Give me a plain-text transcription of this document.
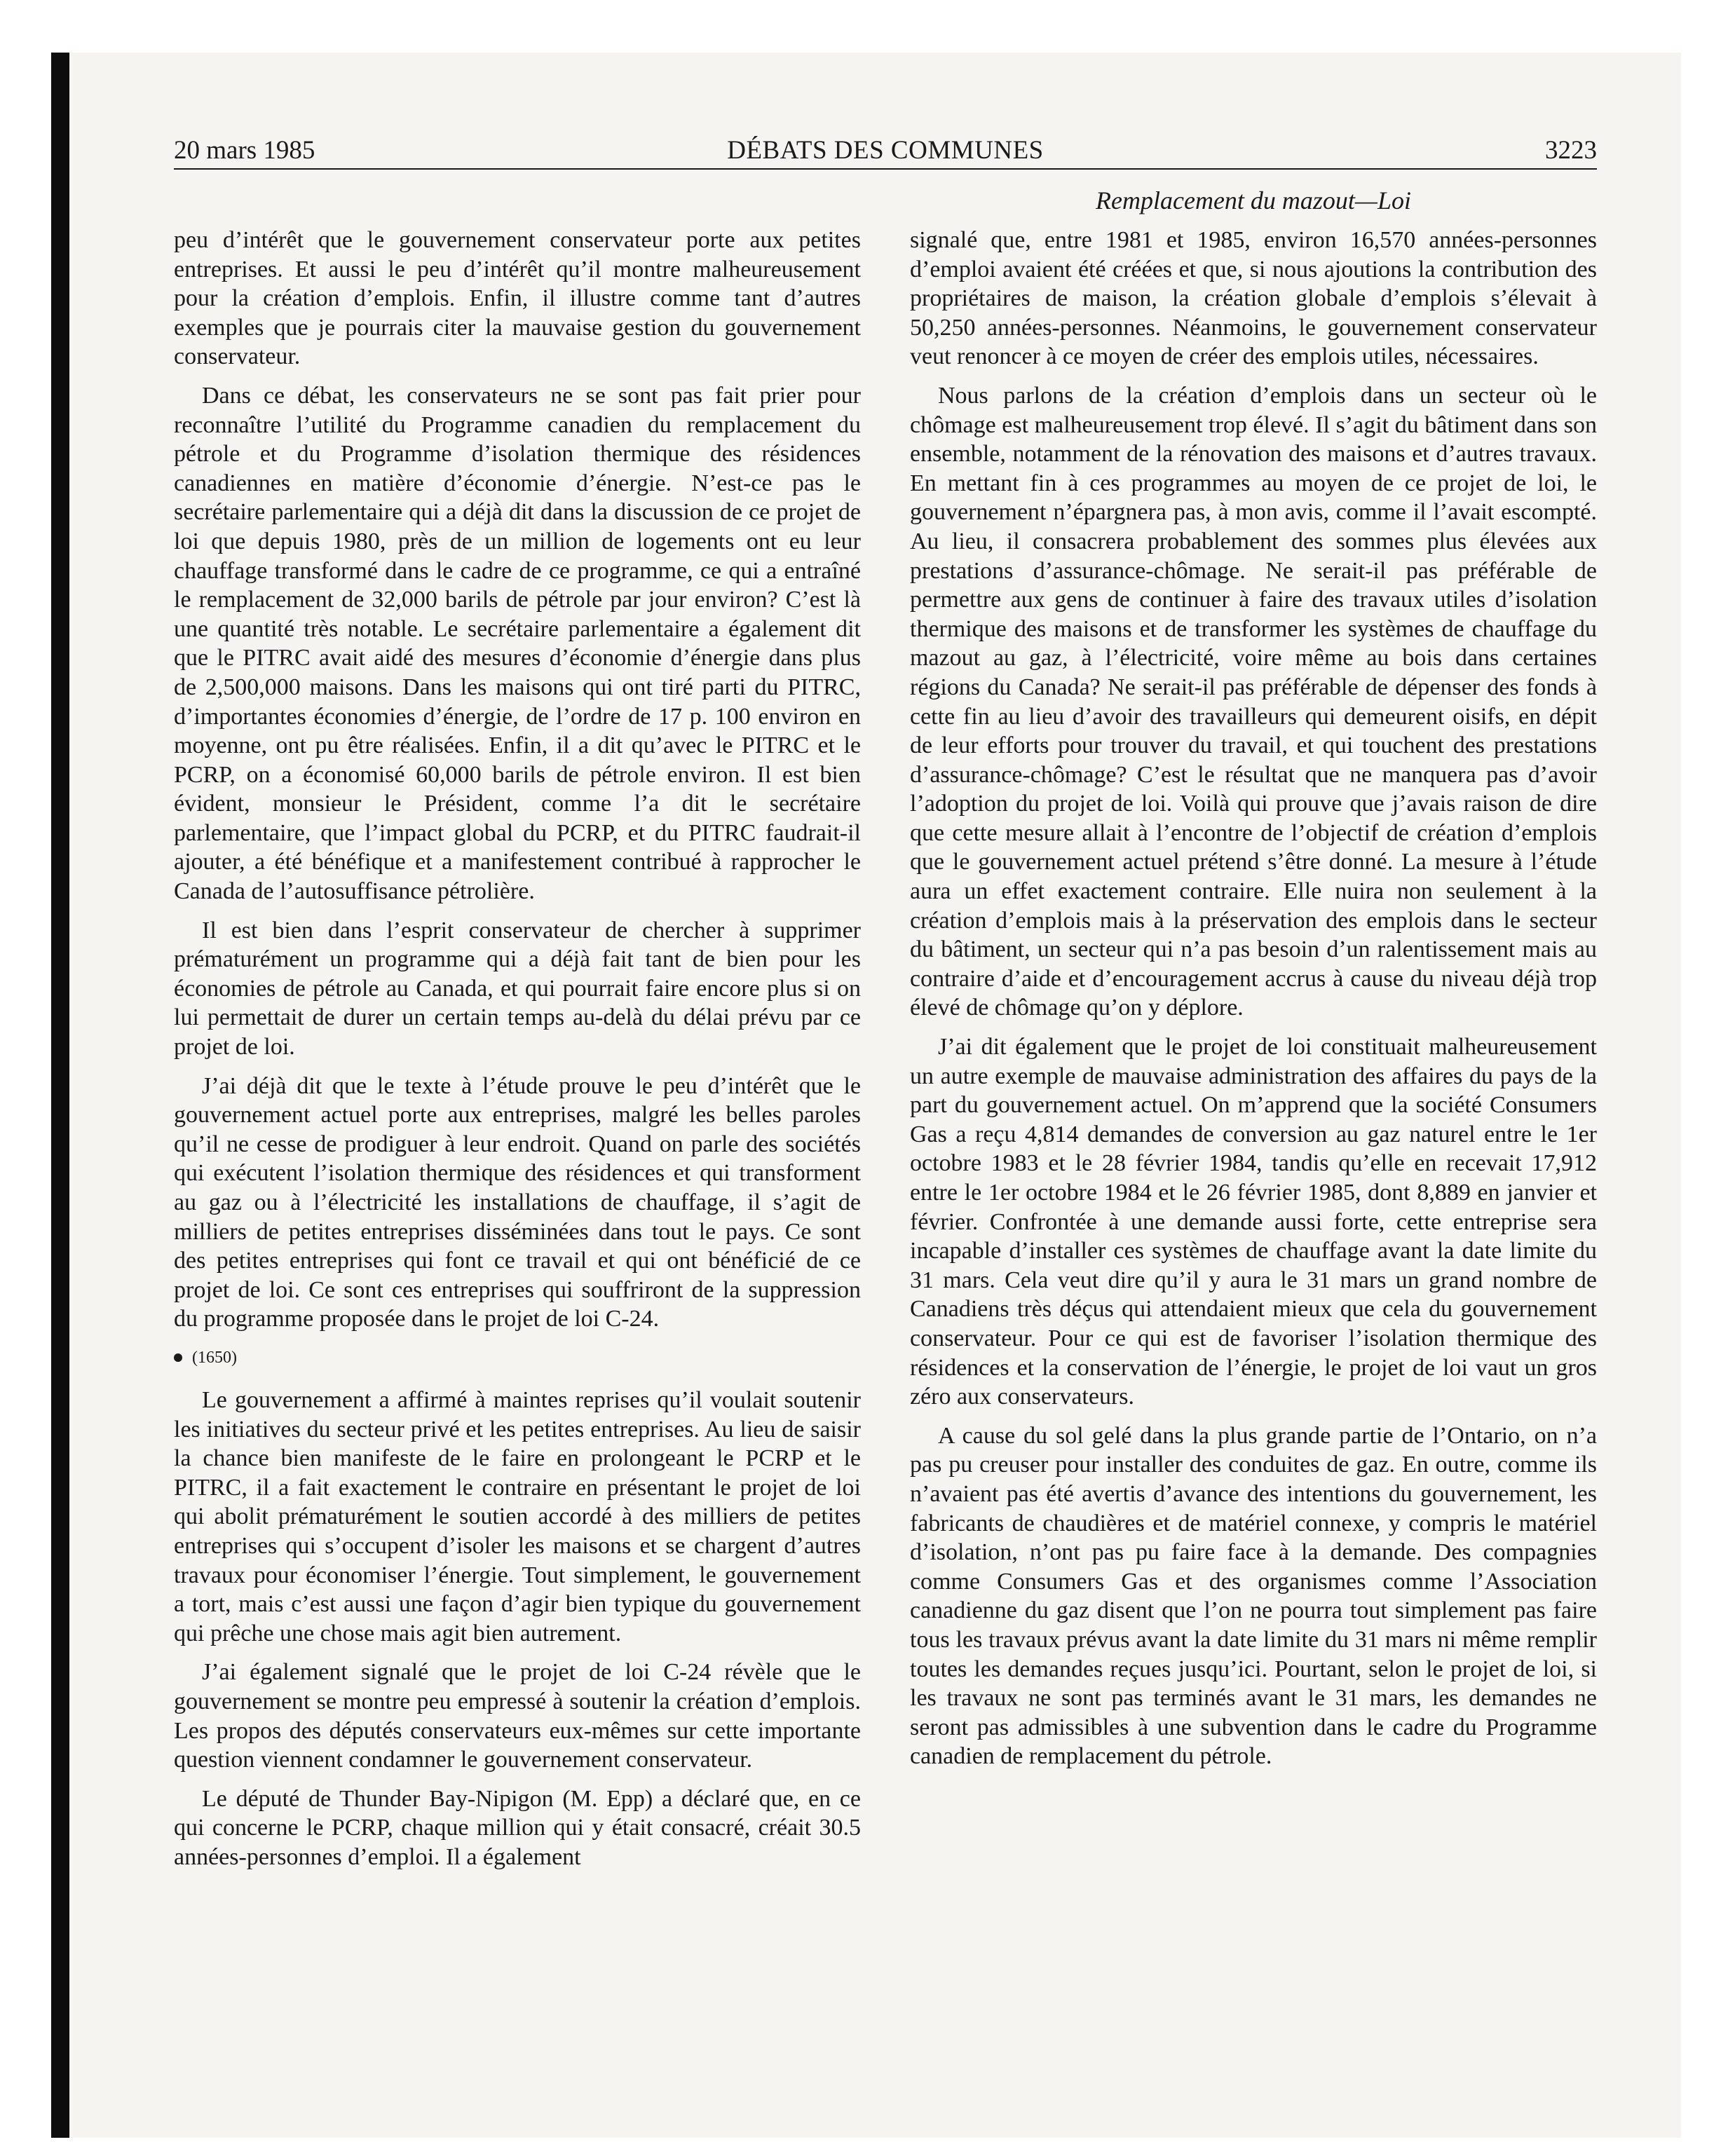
20 mars 1985	DÉBATS DES COMMUNES	3223
Remplacement du mazout—Loi

peu d’intérêt que le gouvernement conservateur porte aux petites entreprises. Et aussi le peu d’intérêt qu’il montre malheureusement pour la création d’emplois. Enfin, il illustre comme tant d’autres exemples que je pourrais citer la mauvaise gestion du gouvernement conservateur.

Dans ce débat, les conservateurs ne se sont pas fait prier pour reconnaître l’utilité du Programme canadien du remplacement du pétrole et du Programme d’isolation thermique des résidences canadiennes en matière d’économie d’énergie. N’est-ce pas le secrétaire parlementaire qui a déjà dit dans la discussion de ce projet de loi que depuis 1980, près de un million de logements ont eu leur chauffage transformé dans le cadre de ce programme, ce qui a entraîné le remplacement de 32,000 barils de pétrole par jour environ? C’est là une quantité très notable. Le secrétaire parlementaire a également dit que le PITRC avait aidé des mesures d’économie d’énergie dans plus de 2,500,000 maisons. Dans les maisons qui ont tiré parti du PITRC, d’importantes économies d’énergie, de l’ordre de 17 p. 100 environ en moyenne, ont pu être réalisées. Enfin, il a dit qu’avec le PITRC et le PCRP, on a économisé 60,000 barils de pétrole environ. Il est bien évident, monsieur le Président, comme l’a dit le secrétaire parlementaire, que l’impact global du PCRP, et du PITRC faudrait-il ajouter, a été bénéfique et a manifestement contribué à rapprocher le Canada de l’autosuffisance pétrolière.

Il est bien dans l’esprit conservateur de chercher à supprimer prématurément un programme qui a déjà fait tant de bien pour les économies de pétrole au Canada, et qui pourrait faire encore plus si on lui permettait de durer un certain temps au-delà du délai prévu par ce projet de loi.

J’ai déjà dit que le texte à l’étude prouve le peu d’intérêt que le gouvernement actuel porte aux entreprises, malgré les belles paroles qu’il ne cesse de prodiguer à leur endroit. Quand on parle des sociétés qui exécutent l’isolation thermique des résidences et qui transforment au gaz ou à l’électricité les installations de chauffage, il s’agit de milliers de petites entreprises disséminées dans tout le pays. Ce sont des petites entreprises qui font ce travail et qui ont bénéficié de ce projet de loi. Ce sont ces entreprises qui souffriront de la suppression du programme proposée dans le projet de loi C-24.

(1650)

Le gouvernement a affirmé à maintes reprises qu’il voulait soutenir les initiatives du secteur privé et les petites entreprises. Au lieu de saisir la chance bien manifeste de le faire en prolongeant le PCRP et le PITRC, il a fait exactement le contraire en présentant le projet de loi qui abolit prématurément le soutien accordé à des milliers de petites entreprises qui s’occupent d’isoler les maisons et se chargent d’autres travaux pour économiser l’énergie. Tout simplement, le gouvernement a tort, mais c’est aussi une façon d’agir bien typique du gouvernement qui prêche une chose mais agit bien autrement.

J’ai également signalé que le projet de loi C-24 révèle que le gouvernement se montre peu empressé à soutenir la création d’emplois. Les propos des députés conservateurs eux-mêmes sur cette importante question viennent condamner le gouvernement conservateur.

Le député de Thunder Bay-Nipigon (M. Epp) a déclaré que, en ce qui concerne le PCRP, chaque million qui y était consacré, créait 30.5 années-personnes d’emploi. Il a également

signalé que, entre 1981 et 1985, environ 16,570 années-personnes d’emploi avaient été créées et que, si nous ajoutions la contribution des propriétaires de maison, la création globale d’emplois s’élevait à 50,250 années-personnes. Néanmoins, le gouvernement conservateur veut renoncer à ce moyen de créer des emplois utiles, nécessaires.

Nous parlons de la création d’emplois dans un secteur où le chômage est malheureusement trop élevé. Il s’agit du bâtiment dans son ensemble, notamment de la rénovation des maisons et d’autres travaux. En mettant fin à ces programmes au moyen de ce projet de loi, le gouvernement n’épargnera pas, à mon avis, comme il l’avait escompté. Au lieu, il consacrera probablement des sommes plus élevées aux prestations d’assurance-chômage. Ne serait-il pas préférable de permettre aux gens de continuer à faire des travaux utiles d’isolation thermique des maisons et de transformer les systèmes de chauffage du mazout au gaz, à l’électricité, voire même au bois dans certaines régions du Canada? Ne serait-il pas préférable de dépenser des fonds à cette fin au lieu d’avoir des travailleurs qui demeurent oisifs, en dépit de leur efforts pour trouver du travail, et qui touchent des prestations d’assurance-chômage? C’est le résultat que ne manquera pas d’avoir l’adoption du projet de loi. Voilà qui prouve que j’avais raison de dire que cette mesure allait à l’encontre de l’objectif de création d’emplois que le gouvernement actuel prétend s’être donné. La mesure à l’étude aura un effet exactement contraire. Elle nuira non seulement à la création d’emplois mais à la préservation des emplois dans le secteur du bâtiment, un secteur qui n’a pas besoin d’un ralentissement mais au contraire d’aide et d’encouragement accrus à cause du niveau déjà trop élevé de chômage qu’on y déplore.

J’ai dit également que le projet de loi constituait malheureusement un autre exemple de mauvaise administration des affaires du pays de la part du gouvernement actuel. On m’apprend que la société Consumers Gas a reçu 4,814 demandes de conversion au gaz naturel entre le 1er octobre 1983 et le 28 février 1984, tandis qu’elle en recevait 17,912 entre le 1er octobre 1984 et le 26 février 1985, dont 8,889 en janvier et février. Confrontée à une demande aussi forte, cette entreprise sera incapable d’installer ces systèmes de chauffage avant la date limite du 31 mars. Cela veut dire qu’il y aura le 31 mars un grand nombre de Canadiens très déçus qui attendaient mieux que cela du gouvernement conservateur. Pour ce qui est de favoriser l’isolation thermique des résidences et la conservation de l’énergie, le projet de loi vaut un gros zéro aux conservateurs.

A cause du sol gelé dans la plus grande partie de l’Ontario, on n’a pas pu creuser pour installer des conduites de gaz. En outre, comme ils n’avaient pas été avertis d’avance des intentions du gouvernement, les fabricants de chaudières et de matériel connexe, y compris le matériel d’isolation, n’ont pas pu faire face à la demande. Des compagnies comme Consumers Gas et des organismes comme l’Association canadienne du gaz disent que l’on ne pourra tout simplement pas faire tous les travaux prévus avant la date limite du 31 mars ni même remplir toutes les demandes reçues jusqu’ici. Pourtant, selon le projet de loi, si les travaux ne sont pas terminés avant le 31 mars, les demandes ne seront pas admissibles à une subvention dans le cadre du Programme canadien de remplacement du pétrole.
